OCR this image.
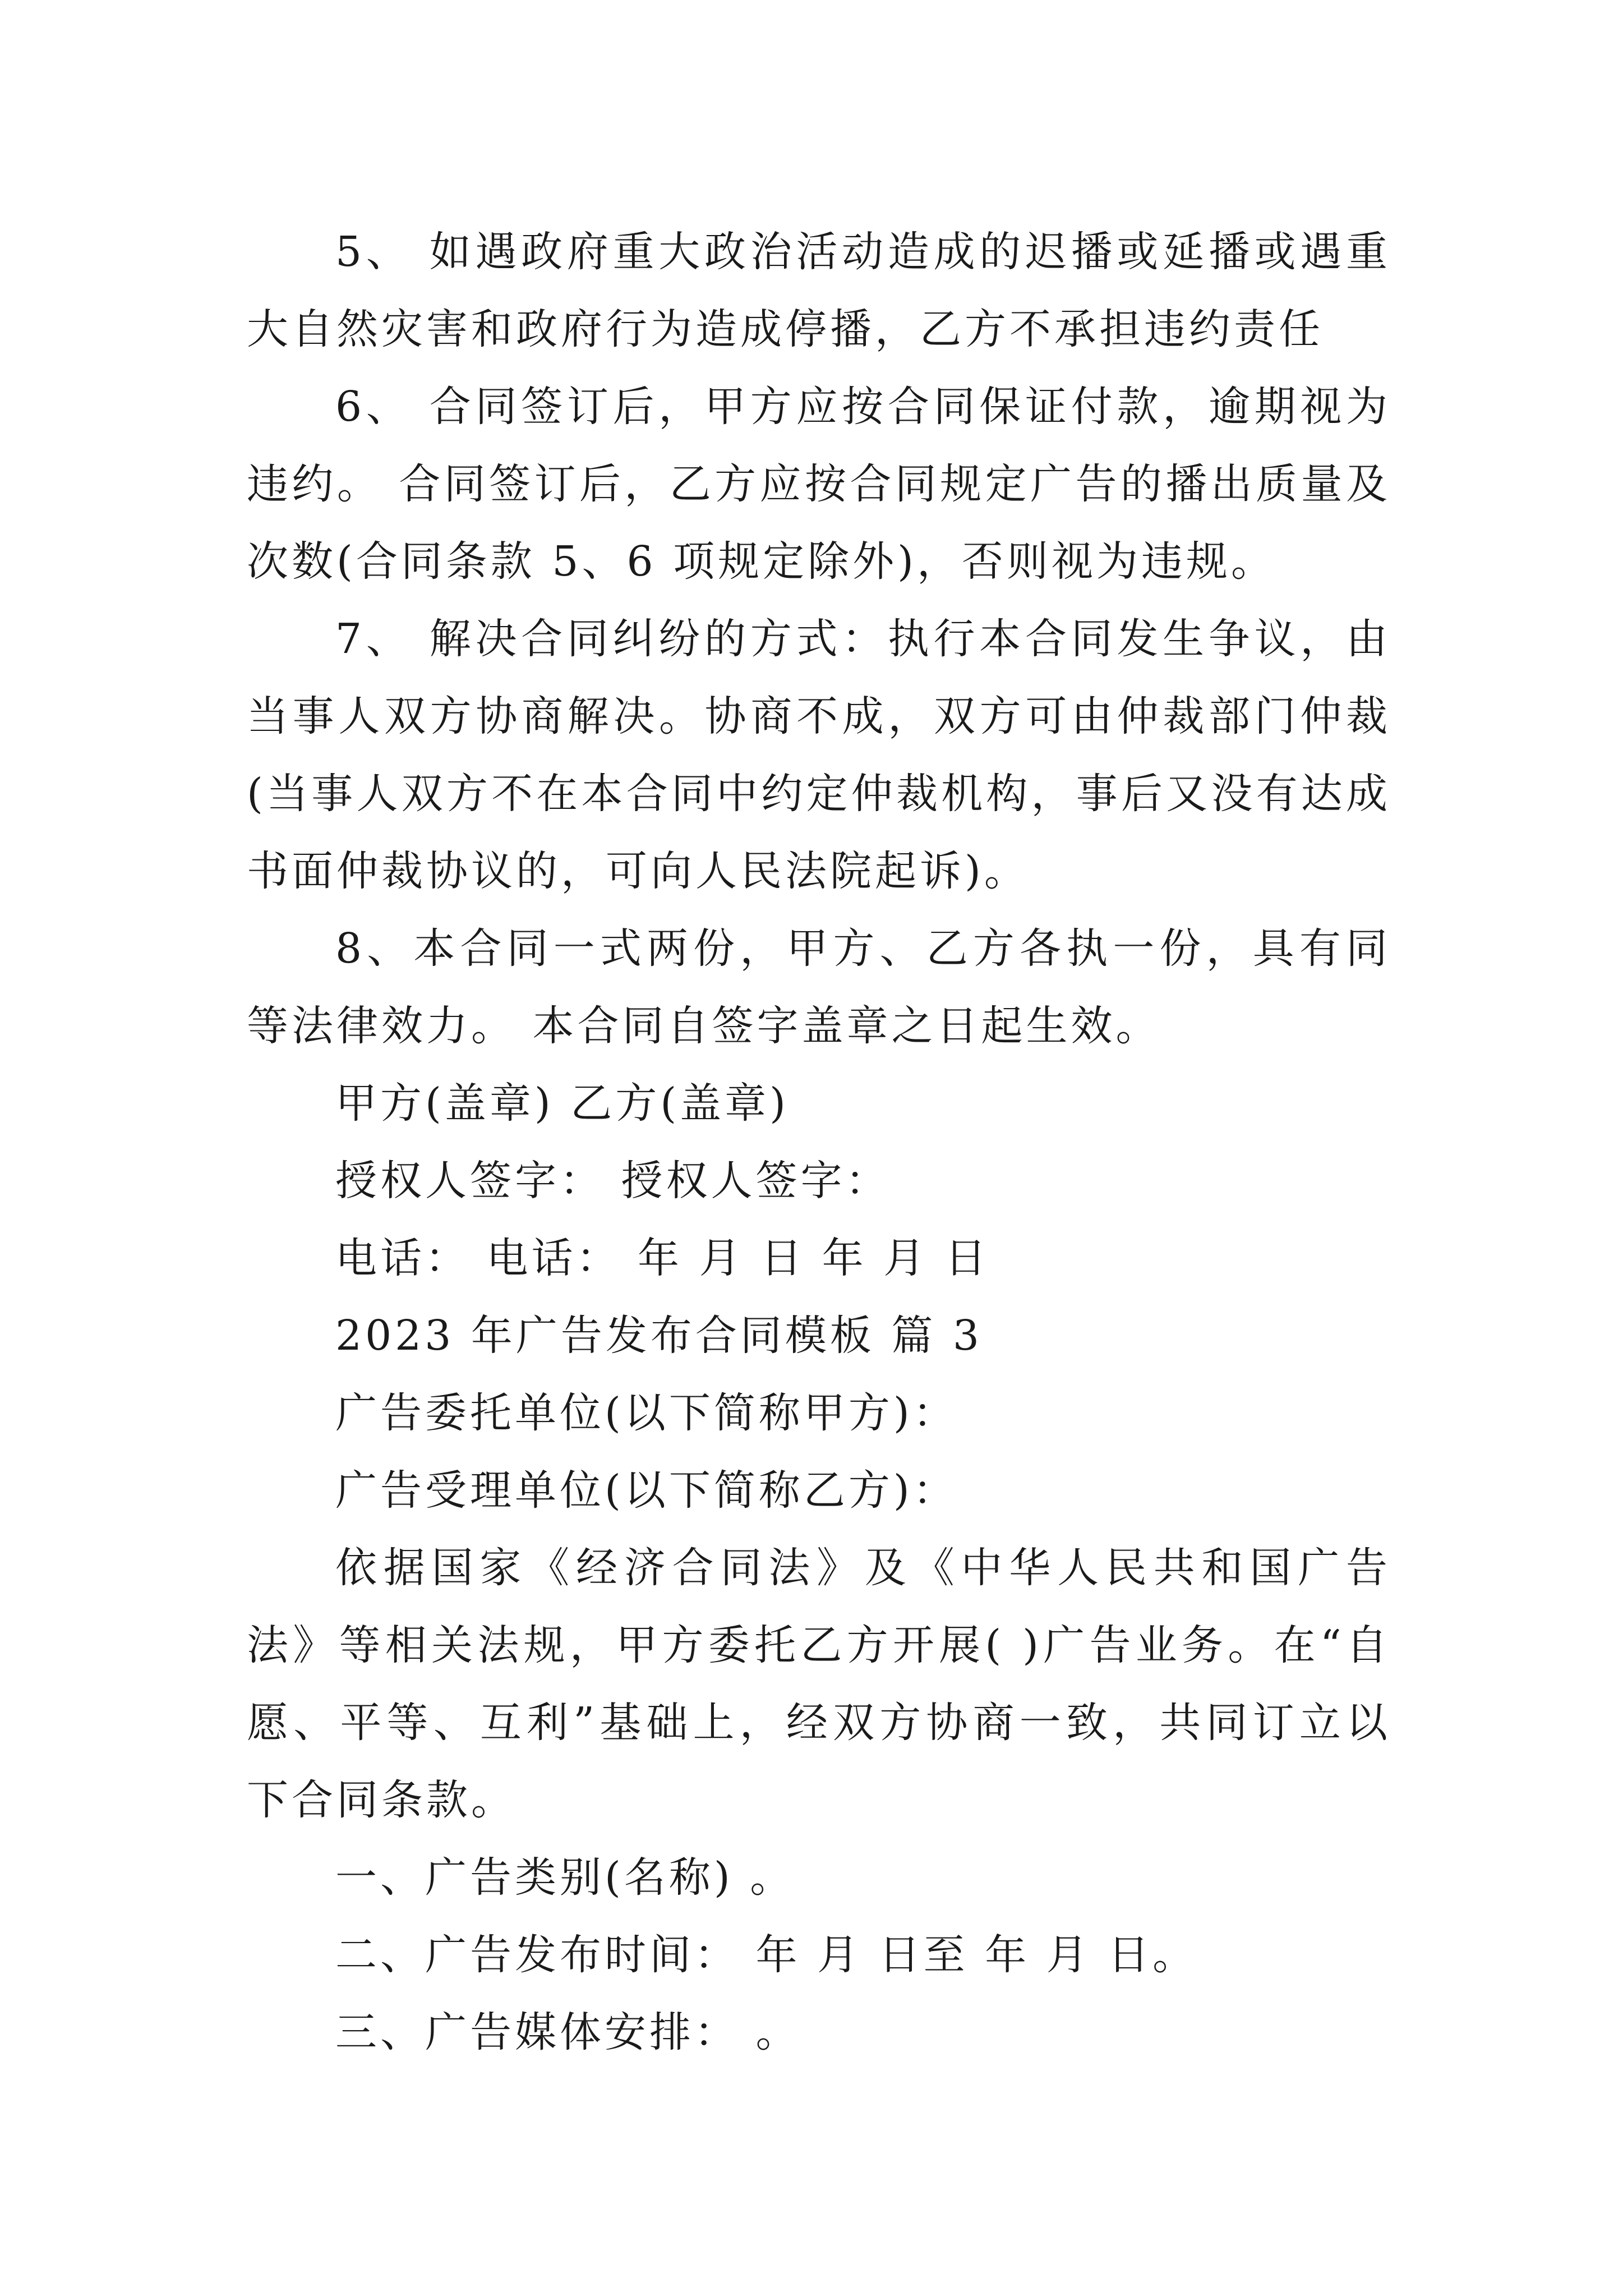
5、 如遇政府重大政治活动造成的迟播或延播或遇重大自然灾害和政府行为造成停播，乙方不承担违约责任

6、 合同签订后，甲方应按合同保证付款，逾期视为违约。 合同签订后，乙方应按合同规定广告的播出质量及次数(合同条款 5、6 项规定除外)，否则视为违规。

7、 解决合同纠纷的方式：执行本合同发生争议，由当事人双方协商解决。协商不成，双方可由仲裁部门仲裁(当事人双方不在本合同中约定仲裁机构，事后又没有达成书面仲裁协议的，可向人民法院起诉)。

8、本合同一式两份，甲方、乙方各执一份，具有同等法律效力。 本合同自签字盖章之日起生效。

甲方(盖章) 乙方(盖章)

授权人签字： 授权人签字：

电话： 电话： 年 月 日 年 月 日

2023 年广告发布合同模板 篇 3

广告委托单位(以下简称甲方)：

广告受理单位(以下简称乙方)：

依据国家《经济合同法》及《中华人民共和国广告法》等相关法规，甲方委托乙方开展( )广告业务。在“自愿、平等、互利”基础上，经双方协商一致，共同订立以下合同条款。

一、广告类别(名称) 。

二、广告发布时间： 年 月 日至 年 月 日。

三、广告媒体安排： 。
